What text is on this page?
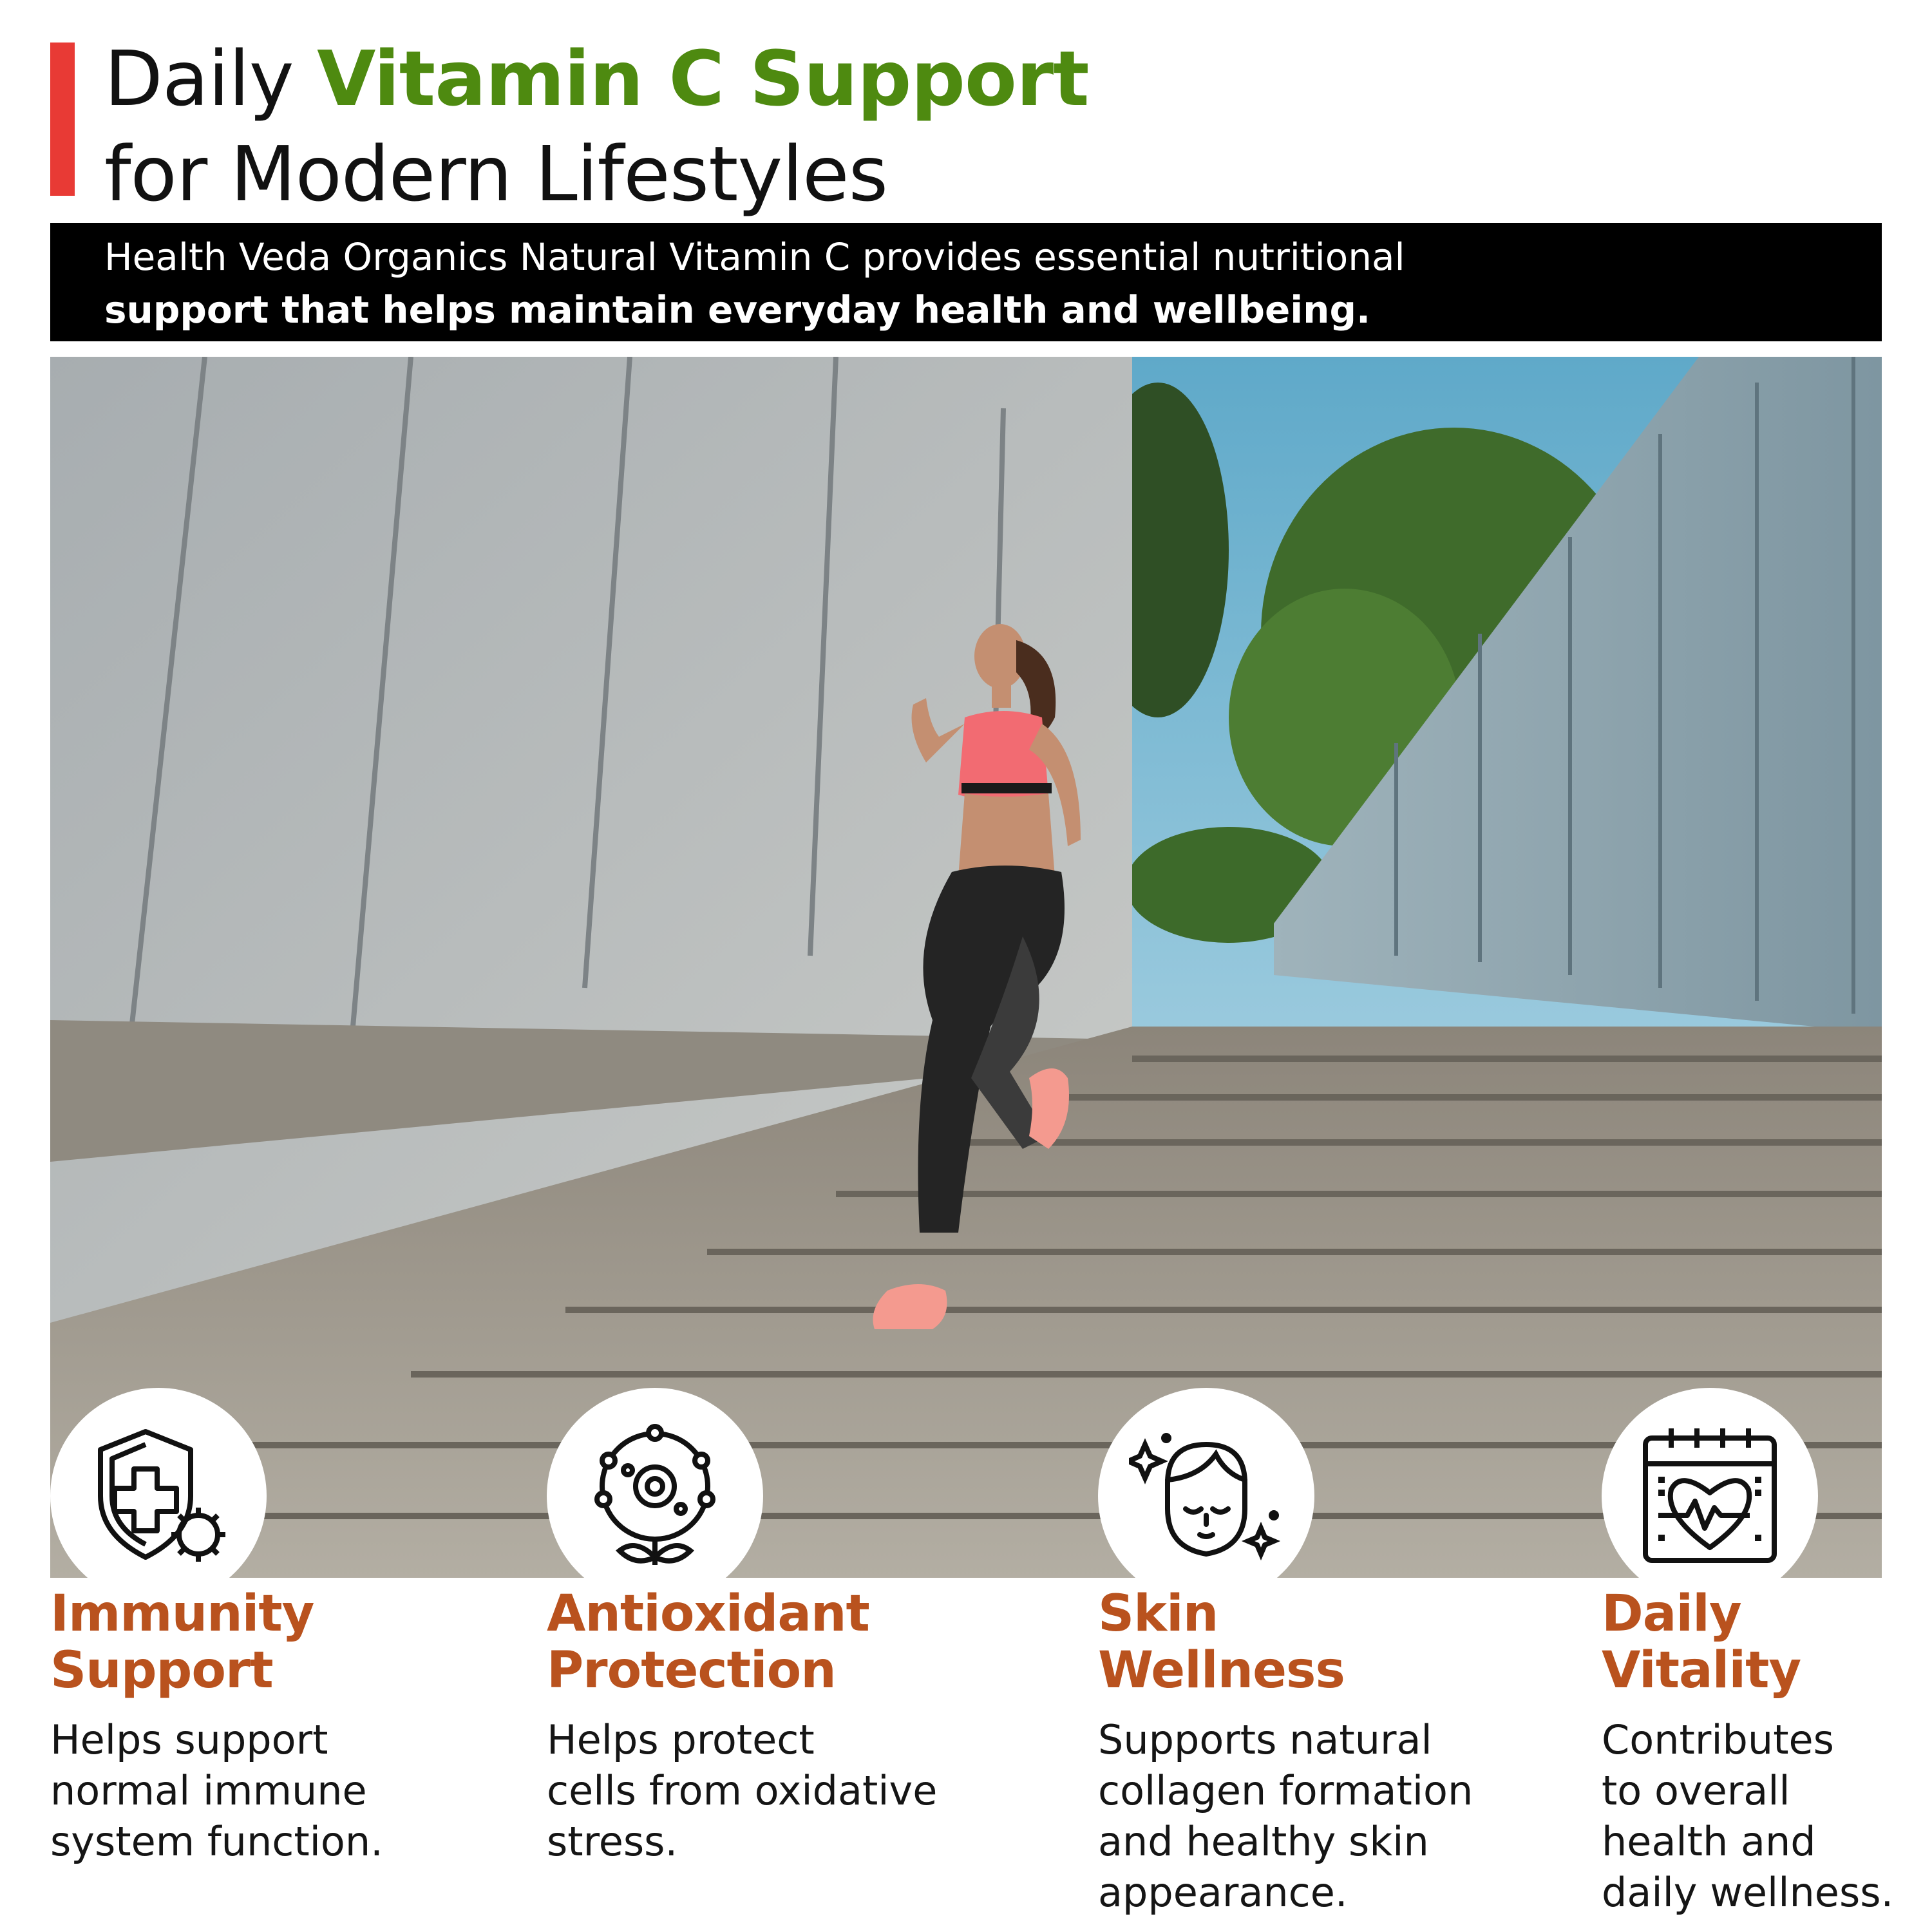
Daily Vitamin C Support
for Modern Lifestyles
Health Veda Organics Natural Vitamin C provides essential nutritional
support that helps maintain everyday health and wellbeing.
Immunity
Support
Helps support
normal immune
system function.
Antioxidant
Protection
Helps protect
cells from oxidative
stress.
Skin
Wellness
Supports natural
collagen formation
and healthy skin
appearance.
Daily
Vitality
Contributes
to overall
health and
daily wellness.
